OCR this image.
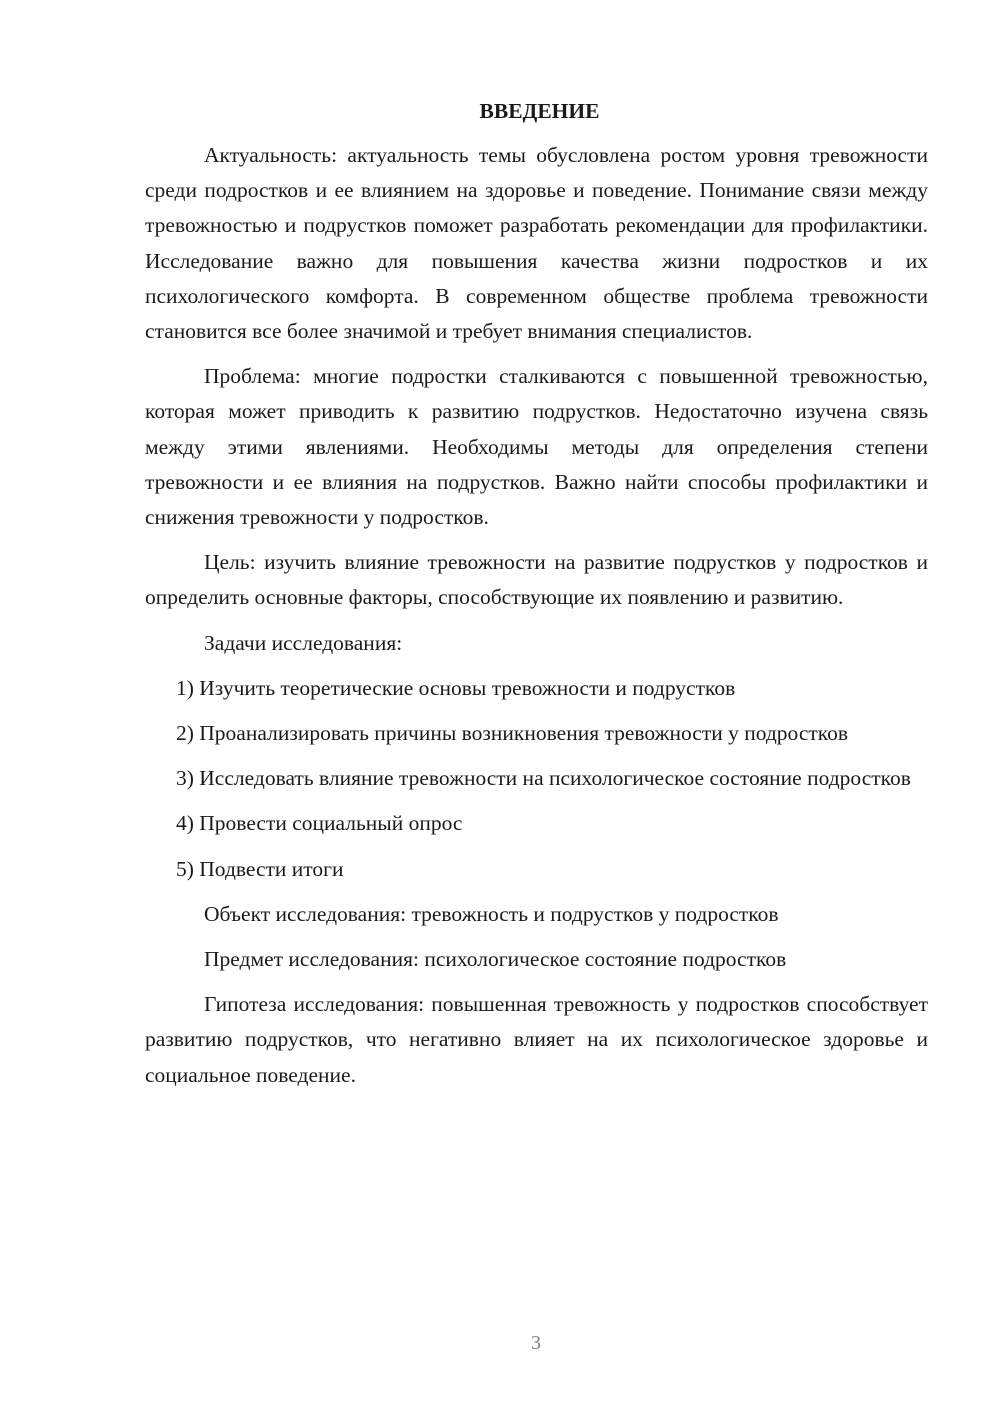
ВВЕДЕНИЕ

Актуальность: актуальность темы обусловлена ростом уровня тревожности среди подростков и ее влиянием на здоровье и поведение. Понимание связи между тревожностью и подрустков поможет разработать рекомендации для профилактики. Исследование важно для повышения качества жизни подростков и их психологического комфорта. В современном обществе проблема тревожности становится все более значимой и требует внимания специалистов.

Проблема: многие подростки сталкиваются с повышенной тревожностью, которая может приводить к развитию подрустков. Недостаточно изучена связь между этими явлениями. Необходимы методы для определения степени тревожности и ее влияния на подрустков. Важно найти способы профилактики и снижения тревожности у подростков.

Цель: изучить влияние тревожности на развитие подрустков у подростков и определить основные факторы, способствующие их появлению и развитию.

Задачи исследования:

1) Изучить теоретические основы тревожности и подрустков

2) Проанализировать причины возникновения тревожности у подростков

3) Исследовать влияние тревожности на психологическое состояние подростков

4) Провести социальный опрос

5) Подвести итоги

Объект исследования: тревожность и подрустков у подростков

Предмет исследования: психологическое состояние подростков

Гипотеза исследования: повышенная тревожность у подростков способствует развитию подрустков, что негативно влияет на их психологическое здоровье и социальное поведение.

3
